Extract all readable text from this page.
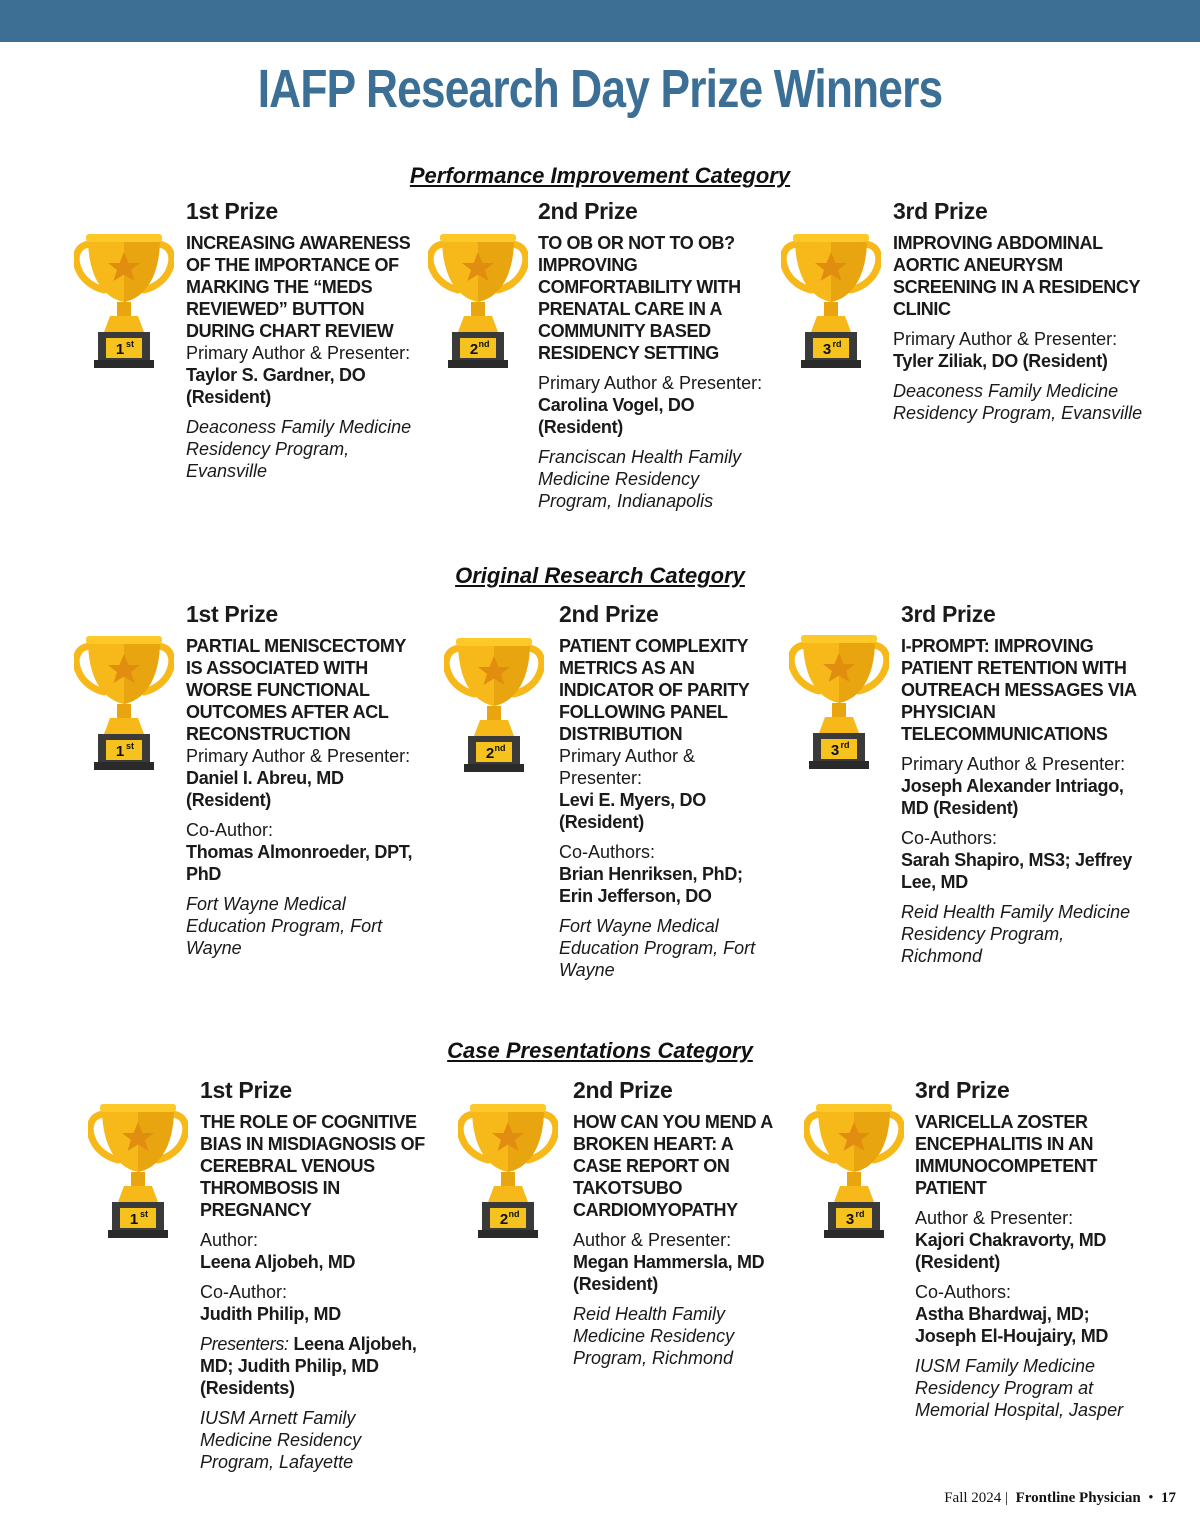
IAFP Research Day Prize Winners
Performance Improvement Category
Original Research Category
Case Presentations Category
1 st
1st Prize
INCREASING AWARENESS OF THE IMPORTANCE OF MARKING THE “MEDS REVIEWED” BUTTON DURING CHART REVIEW
Primary Author & Presenter:
Taylor S. Gardner, DO (Resident)
Deaconess Family Medicine Residency Program, Evansville
2 nd
2nd Prize
TO OB OR NOT TO OB? IMPROVING COMFORTABILITY WITH PRENATAL CARE IN A COMMUNITY BASED RESIDENCY SETTING
Primary Author & Presenter:
Carolina Vogel, DO (Resident)
Franciscan Health Family Medicine Residency Program, Indianapolis
3 rd
3rd Prize
IMPROVING ABDOMINAL AORTIC ANEURYSM SCREENING IN A RESIDENCY CLINIC
Primary Author & Presenter:
Tyler Ziliak, DO (Resident)
Deaconess Family Medicine Residency Program, Evansville
1 st
1st Prize
PARTIAL MENISCECTOMY IS ASSOCIATED WITH WORSE FUNCTIONAL OUTCOMES AFTER ACL RECONSTRUCTION
Primary Author & Presenter:
Daniel I. Abreu, MD (Resident)
Co-Author:
Thomas Almonroeder, DPT, PhD
Fort Wayne Medical Education Program, Fort Wayne
2 nd
2nd Prize
PATIENT COMPLEXITY METRICS AS AN INDICATOR OF PARITY FOLLOWING PANEL DISTRIBUTION
Primary Author & Presenter:
Levi E. Myers, DO (Resident)
Co-Authors:
Brian Henriksen, PhD; Erin Jefferson, DO
Fort Wayne Medical Education Program, Fort Wayne
3 rd
3rd Prize
I-PROMPT: IMPROVING PATIENT RETENTION WITH OUTREACH MESSAGES VIA PHYSICIAN TELECOMMUNICATIONS
Primary Author & Presenter:
Joseph Alexander Intriago, MD (Resident)
Co-Authors:
Sarah Shapiro, MS3; Jeffrey Lee, MD
Reid Health Family Medicine Residency Program, Richmond
1 st
1st Prize
THE ROLE OF COGNITIVE BIAS IN MISDIAGNOSIS OF CEREBRAL VENOUS THROMBOSIS IN PREGNANCY
Author:
Leena Aljobeh, MD
Co-Author:
Judith Philip, MD
Presenters: Leena Aljobeh, MD; Judith Philip, MD (Residents)
IUSM Arnett Family Medicine Residency Program, Lafayette
2 nd
2nd Prize
HOW CAN YOU MEND A BROKEN HEART: A CASE REPORT ON TAKOTSUBO CARDIOMYOPATHY
Author & Presenter:
Megan Hammersla, MD (Resident)
Reid Health Family Medicine Residency Program, Richmond
3 rd
3rd Prize
VARICELLA ZOSTER ENCEPHALITIS IN AN IMMUNOCOMPETENT PATIENT
Author & Presenter:
Kajori Chakravorty, MD (Resident)
Co-Authors:
Astha Bhardwaj, MD; Joseph El-Houjairy, MD
IUSM Family Medicine Residency Program at Memorial Hospital, Jasper
Fall 2024 | Frontline Physician • 17
